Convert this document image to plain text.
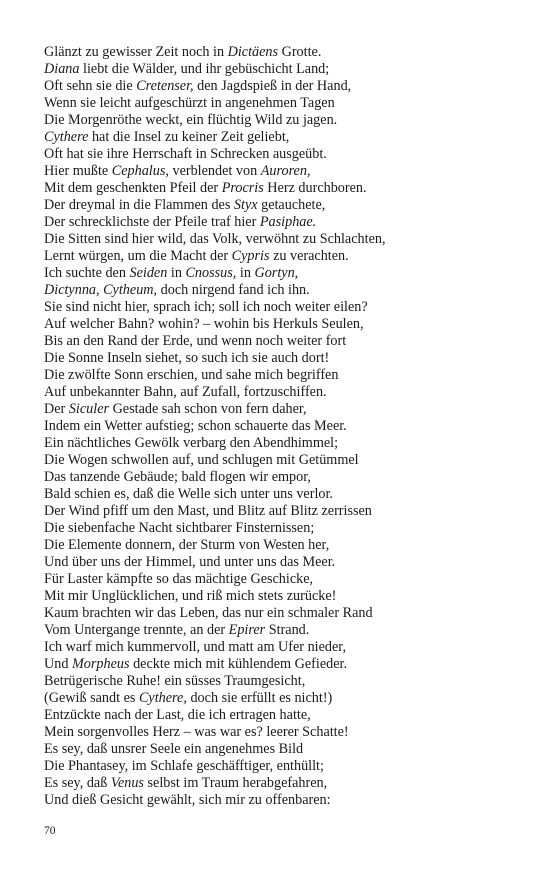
Glänzt zu gewisser Zeit noch in Dictäens Grotte.
Diana liebt die Wälder, und ihr gebüschicht Land;
Oft sehn sie die Cretenser, den Jagdspieß in der Hand,
Wenn sie leicht aufgeschürzt in angenehmen Tagen
Die Morgenröthe weckt, ein flüchtig Wild zu jagen.
Cythere hat die Insel zu keiner Zeit geliebt,
Oft hat sie ihre Herrschaft in Schrecken ausgeübt.
Hier mußte Cephalus, verblendet von Auroren,
Mit dem geschenkten Pfeil der Procris Herz durchboren.
Der dreymal in die Flammen des Styx getauchete,
Der schrecklichste der Pfeile traf hier Pasiphae.
Die Sitten sind hier wild, das Volk, verwöhnt zu Schlachten,
Lernt würgen, um die Macht der Cypris zu verachten.
Ich suchte den Seiden in Cnossus, in Gortyn,
Dictynna, Cytheum, doch nirgend fand ich ihn.
Sie sind nicht hier, sprach ich; soll ich noch weiter eilen?
Auf welcher Bahn? wohin? – wohin bis Herkuls Seulen,
Bis an den Rand der Erde, und wenn noch weiter fort
Die Sonne Inseln siehet, so such ich sie auch dort!
Die zwölfte Sonn erschien, und sahe mich begriffen
Auf unbekannter Bahn, auf Zufall, fortzuschiffen.
Der Siculer Gestade sah schon von fern daher,
Indem ein Wetter aufstieg; schon schauerte das Meer.
Ein nächtliches Gewölk verbarg den Abendhimmel;
Die Wogen schwollen auf, und schlugen mit Getümmel
Das tanzende Gebäude; bald flogen wir empor,
Bald schien es, daß die Welle sich unter uns verlor.
Der Wind pfiff um den Mast, und Blitz auf Blitz zerrissen
Die siebenfache Nacht sichtbarer Finsternissen;
Die Elemente donnern, der Sturm von Westen her,
Und über uns der Himmel, und unter uns das Meer.
Für Laster kämpfte so das mächtige Geschicke,
Mit mir Unglücklichen, und riß mich stets zurücke!
Kaum brachten wir das Leben, das nur ein schmaler Rand
Vom Untergange trennte, an der Epirer Strand.
Ich warf mich kummervoll, und matt am Ufer nieder,
Und Morpheus deckte mich mit kühlendem Gefieder.
Betrügerische Ruhe! ein süsses Traumgesicht,
(Gewiß sandt es Cythere, doch sie erfüllt es nicht!)
Entzückte nach der Last, die ich ertragen hatte,
Mein sorgenvolles Herz – was war es? leerer Schatte!
Es sey, daß unsrer Seele ein angenehmes Bild
Die Phantasey, im Schlafe geschäfftiger, enthüllt;
Es sey, daß Venus selbst im Traum herabgefahren,
Und dieß Gesicht gewählt, sich mir zu offenbaren:
70
